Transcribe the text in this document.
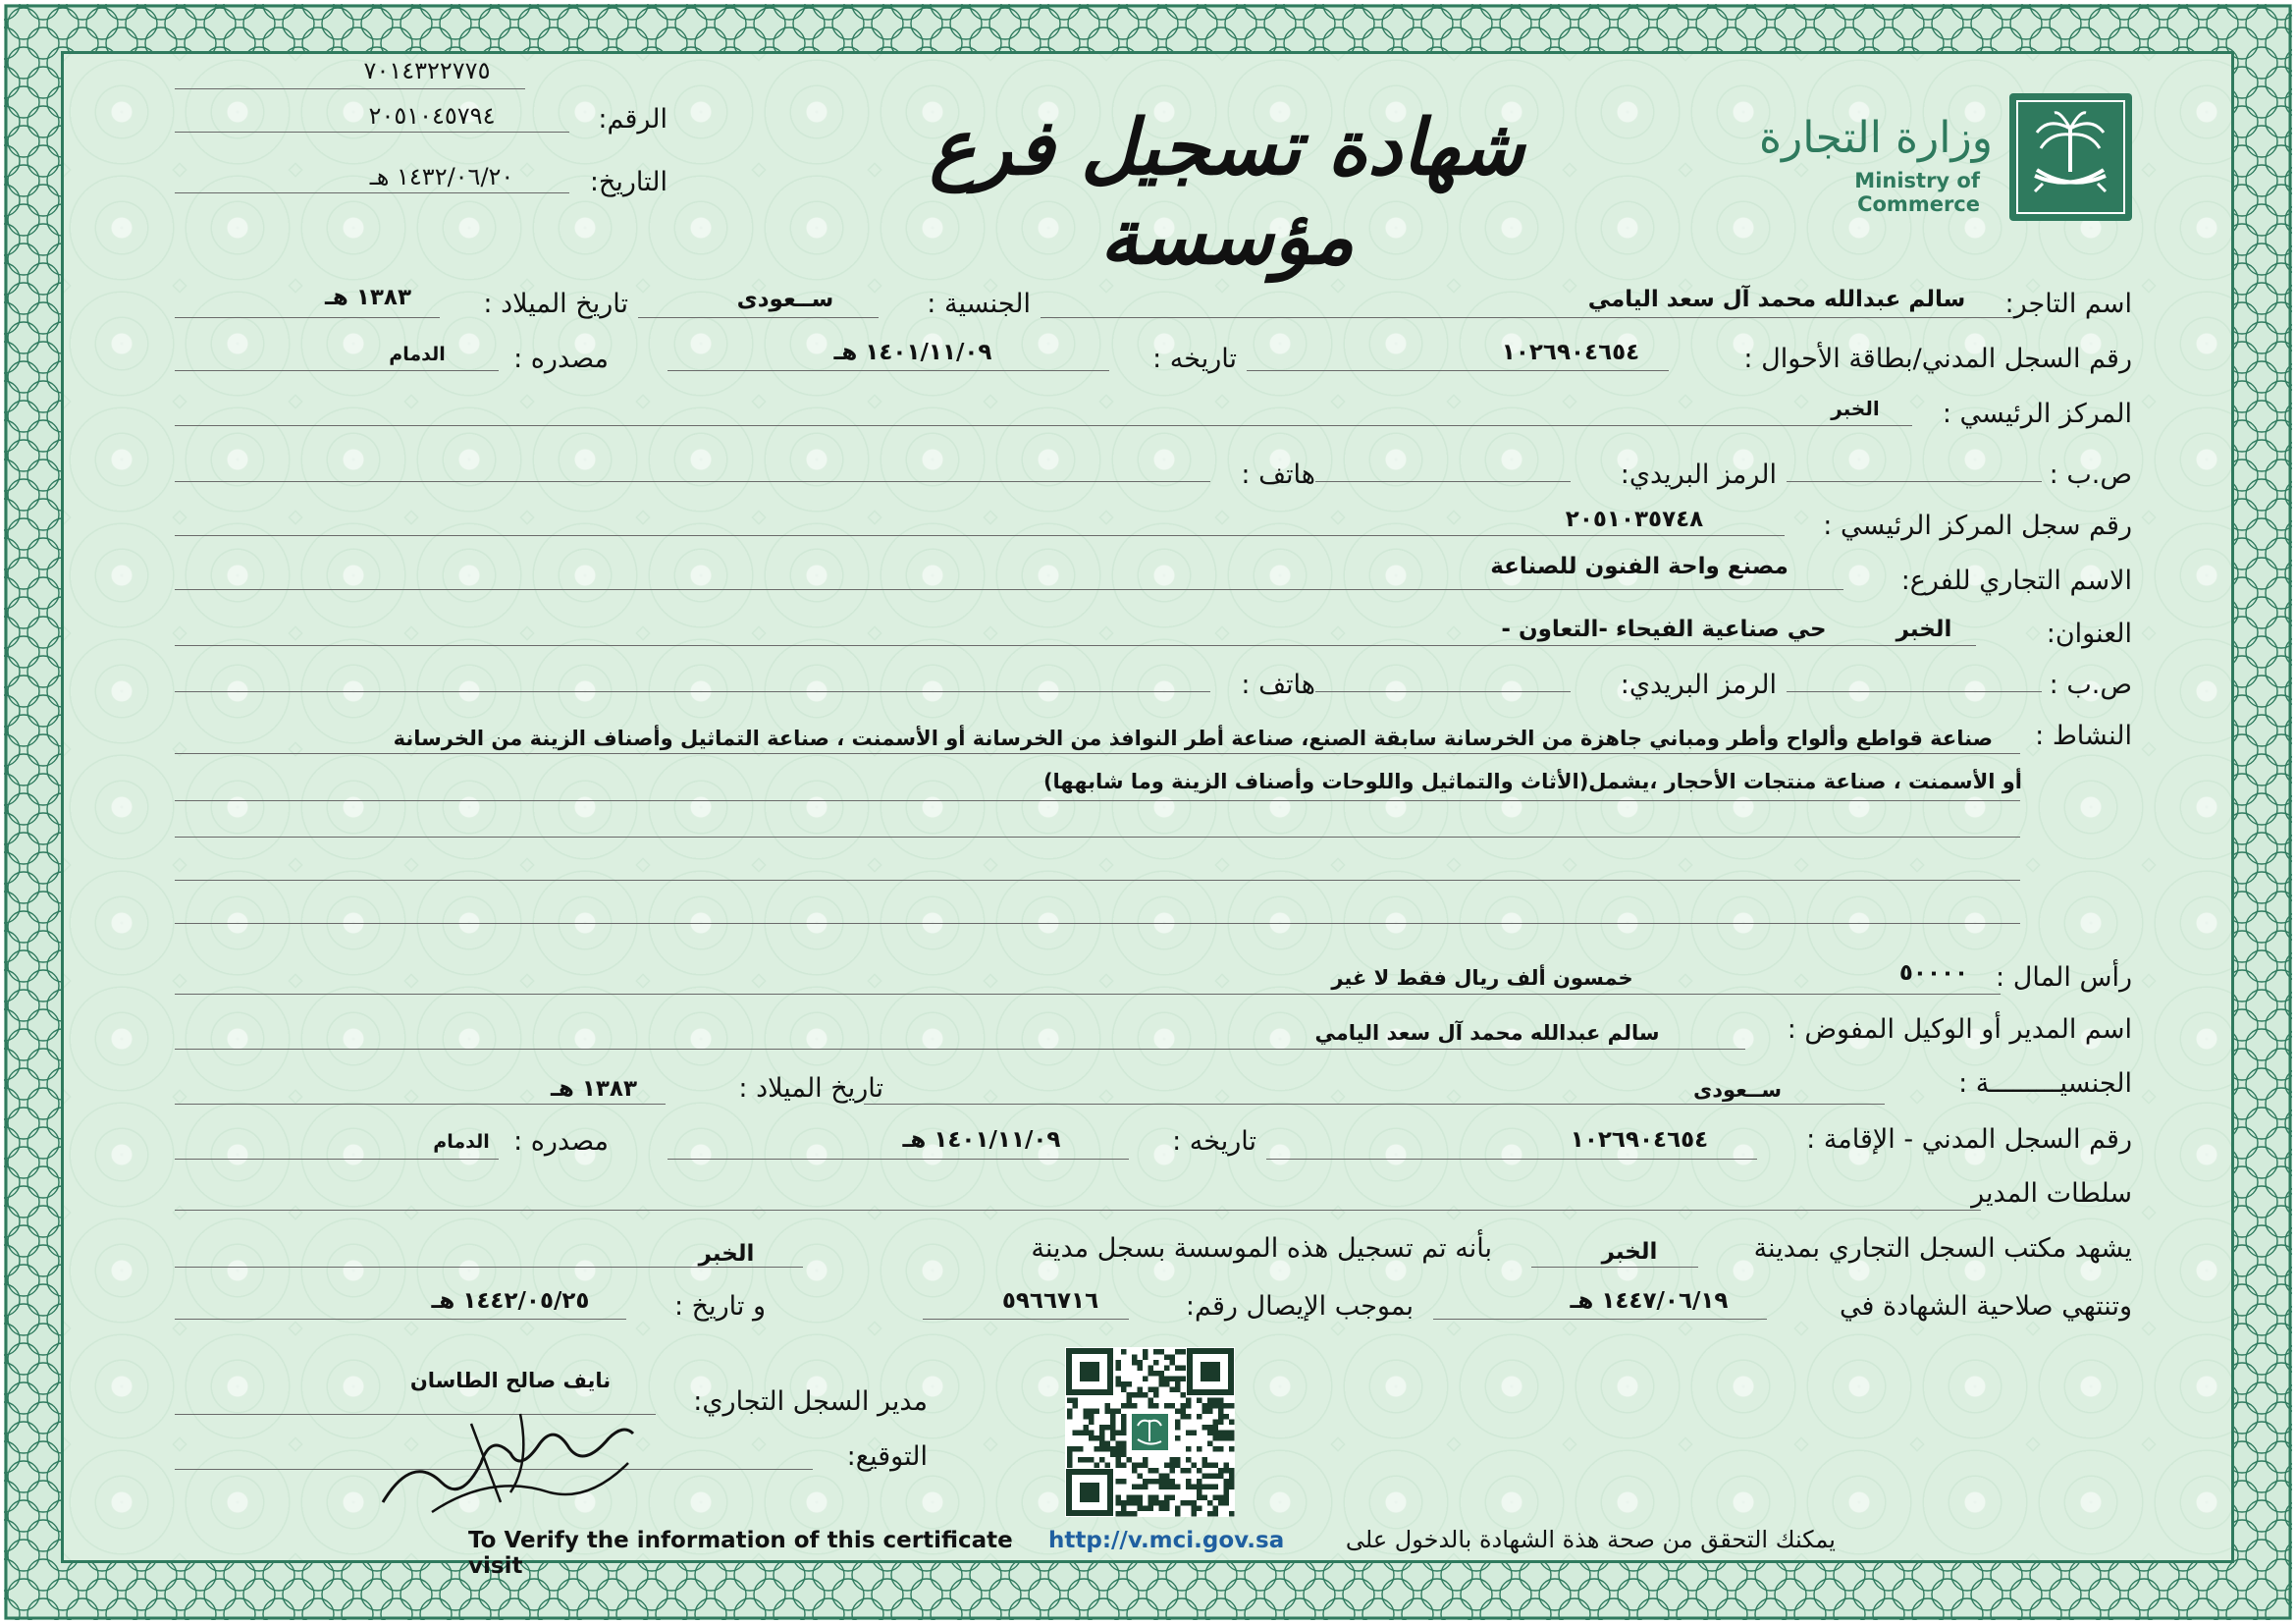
وزارة التجارة
Ministry of Commerce
شهادة تسجيل فرع مؤسسة
٧٠١٤٣٢٢٧٧٥
الرقم:
٢٠٥١٠٤٥٧٩٤
التاريخ:
١٤٣٢/٠٦/٢٠ هـ
اسم التاجر:
سالم عبدالله محمد آل سعد اليامي
الجنسية :
ســعودى
تاريخ الميلاد :
١٣٨٣ هـ
رقم السجل المدني/بطاقة الأحوال :
١٠٢٦٩٠٤٦٥٤
تاريخه :
١٤٠١/١١/٠٩ هـ
مصدره :
الدمام
المركز الرئيسي :
الخبر
ص.ب :
الرمز البريدي:
هاتف :
رقم سجل المركز الرئيسي :
٢٠٥١٠٣٥٧٤٨
الاسم التجاري للفرع:
مصنع واحة الفنون للصناعة
العنوان:
الخبر
حي صناعية الفيحاء -التعاون -
ص.ب :
الرمز البريدي:
هاتف :
النشاط :
صناعة قواطع وألواح وأطر ومباني جاهزة من الخرسانة سابقة الصنع، صناعة أطر النوافذ من الخرسانة أو الأسمنت ، صناعة التماثيل وأصناف الزينة من الخرسانة
أو الأسمنت ، صناعة منتجات الأحجار ،يشمل(الأثاث والتماثيل واللوحات وأصناف الزينة وما شابهها)
رأس المال :
٥٠٠٠٠
خمسون ألف ريال فقط لا غير
اسم المدير أو الوكيل المفوض :
سالم عبدالله محمد آل سعد اليامي
الجنسيـــــــــة :
ســعودى
تاريخ الميلاد :
١٣٨٣ هـ
رقم السجل المدني - الإقامة :
١٠٢٦٩٠٤٦٥٤
تاريخه :
١٤٠١/١١/٠٩ هـ
مصدره :
الدمام
سلطات المدير
يشهد مكتب السجل التجاري بمدينة
الخبر
بأنه تم تسجيل هذه الموسسة بسجل مدينة
الخبر
وتنتهي صلاحية الشهادة في
١٤٤٧/٠٦/١٩ هـ
بموجب الإيصال رقم:
٥٩٦٦٧١٦
و تاريخ :
١٤٤٢/٠٥/٢٥ هـ
نايف صالح الطاسان
مدير السجل التجاري:
التوقيع:
To Verify the information of this certificate visit
http://v.mci.gov.sa	يمكنك التحقق من صحة هذة الشهادة بالدخول على
